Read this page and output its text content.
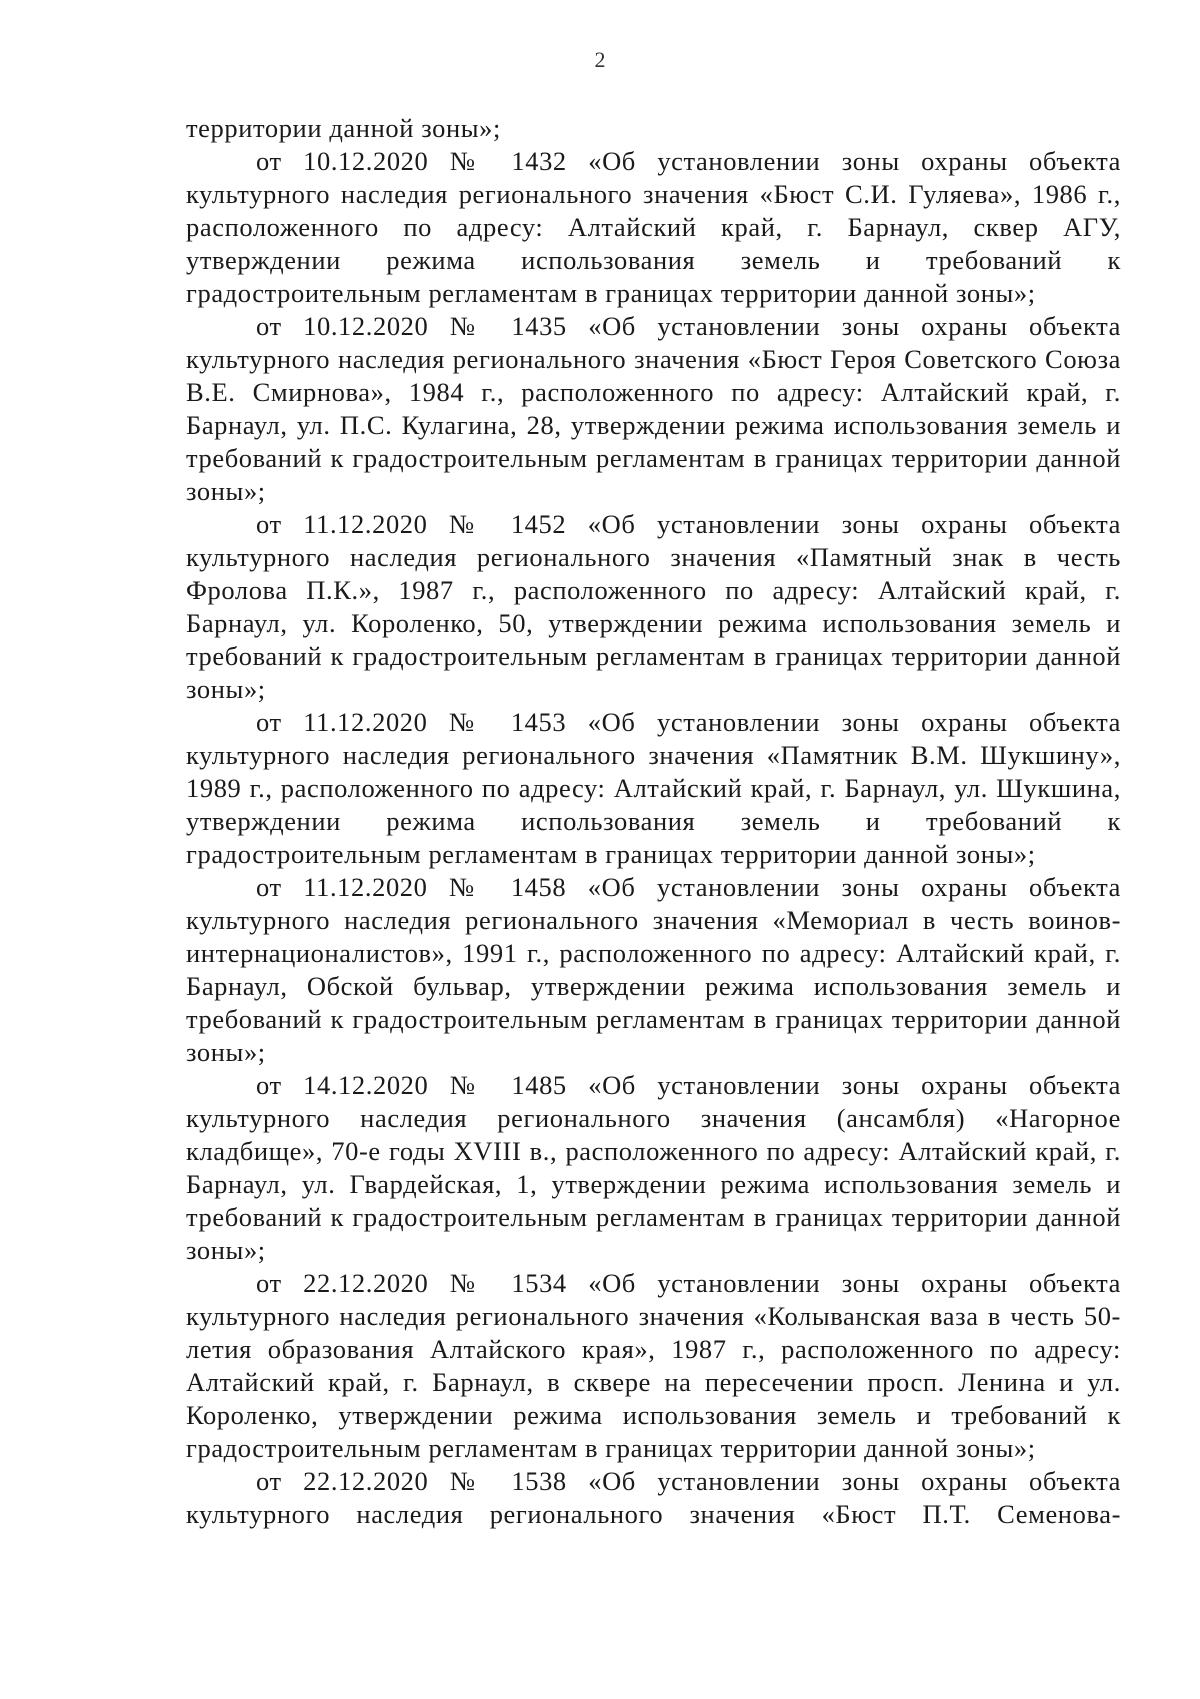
2

территории данной зоны»;

от 10.12.2020 № 1432 «Об установлении зоны охраны объекта культурного наследия регионального значения «Бюст С.И. Гуляева», 1986 г., расположенного по адресу: Алтайский край, г. Барнаул, сквер АГУ, утверждении режима использования земель и требований к градостроительным регламентам в границах территории данной зоны»;

от 10.12.2020 № 1435 «Об установлении зоны охраны объекта культурного наследия регионального значения «Бюст Героя Советского Союза В.Е. Смирнова», 1984 г., расположенного по адресу: Алтайский край, г. Барнаул, ул. П.С. Кулагина, 28, утверждении режима использования земель и требований к градостроительным регламентам в границах территории данной зоны»;

от 11.12.2020 № 1452 «Об установлении зоны охраны объекта культурного наследия регионального значения «Памятный знак в честь Фролова П.К.», 1987 г., расположенного по адресу: Алтайский край, г. Барнаул, ул. Короленко, 50, утверждении режима использования земель и требований к градостроительным регламентам в границах территории данной зоны»;

от 11.12.2020 № 1453 «Об установлении зоны охраны объекта культурного наследия регионального значения «Памятник В.М. Шукшину», 1989 г., расположенного по адресу: Алтайский край, г. Барнаул, ул. Шукшина, утверждении режима использования земель и требований к градостроительным регламентам в границах территории данной зоны»;

от 11.12.2020 № 1458 «Об установлении зоны охраны объекта культурного наследия регионального значения «Мемориал в честь воинов-интернационалистов», 1991 г., расположенного по адресу: Алтайский край, г. Барнаул, Обской бульвар, утверждении режима использования земель и требований к градостроительным регламентам в границах территории данной зоны»;

от 14.12.2020 № 1485 «Об установлении зоны охраны объекта культурного наследия регионального значения (ансамбля) «Нагорное кладбище», 70-е годы XVIII в., расположенного по адресу: Алтайский край, г. Барнаул, ул. Гвардейская, 1, утверждении режима использования земель и требований к градостроительным регламентам в границах территории данной зоны»;

от 22.12.2020 № 1534 «Об установлении зоны охраны объекта культурного наследия регионального значения «Колыванская ваза в честь 50-летия образования Алтайского края», 1987 г., расположенного по адресу: Алтайский край, г. Барнаул, в сквере на пересечении просп. Ленина и ул. Короленко, утверждении режима использования земель и требований к градостроительным регламентам в границах территории данной зоны»;

от 22.12.2020 № 1538 «Об установлении зоны охраны объекта культурного наследия регионального значения «Бюст П.Т. Семенова-
